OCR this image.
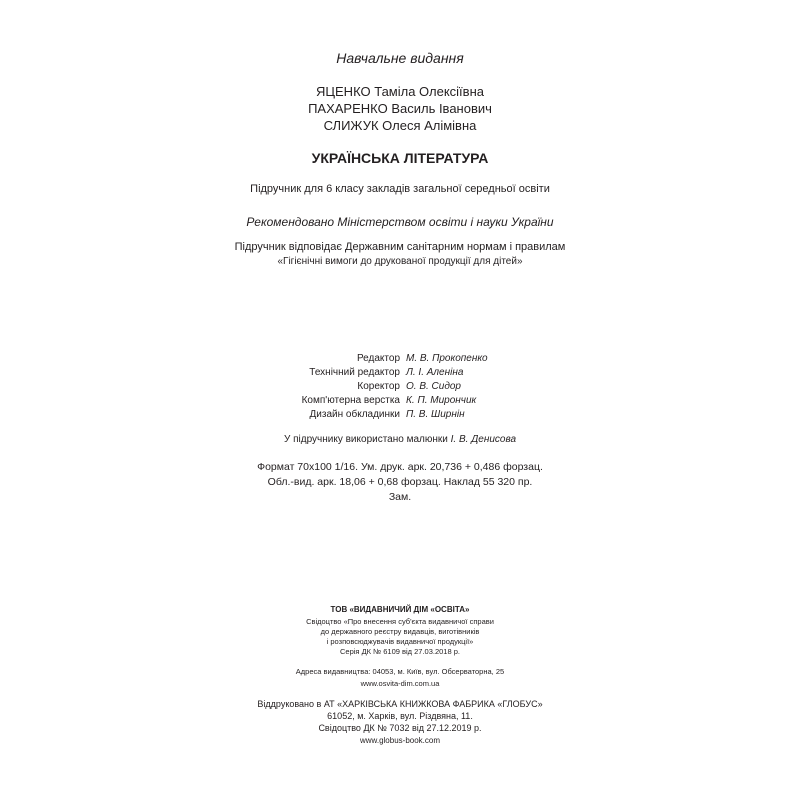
Навчальне видання
ЯЦЕНКО Таміла Олексіївна
ПАХАРЕНКО Василь Іванович
СЛИЖУК Олеся Алімівна
УКРАЇНСЬКА ЛІТЕРАТУРА
Підручник для 6 класу закладів загальної середньої освіти
Рекомендовано Міністерством освіти і науки України
Підручник відповідає Державним санітарним нормам і правилам
«Гігієнічні вимоги до друкованої продукції для дітей»
Редактор М. В. Прокопенко
Технічний редактор Л. І. Аленіна
Коректор О. В. Сидор
Комп'ютерна верстка К. П. Мирончик
Дизайн обкладинки П. В. Ширнін
У підручнику використано малюнки І. В. Денисова
Формат 70х100 1/16. Ум. друк. арк. 20,736 + 0,486 форзац.
Обл.-вид. арк. 18,06 + 0,68 форзац. Наклад 55 320 пр.
Зам.
ТОВ «ВИДАВНИЧИЙ ДІМ «ОСВІТА»
Свідоцтво «Про внесення суб'єкта видавничої справи
до державного реєстру видавців, виготівників
і розповсюджувачів видавничої продукції»
Серія ДК № 6109 від 27.03.2018 р.
Адреса видавництва: 04053, м. Київ, вул. Обсерваторна, 25
www.osvita-dim.com.ua
Віддруковано в АТ «ХАРКІВСЬКА КНИЖКОВА ФАБРИКА «ГЛОБУС»
61052, м. Харків, вул. Різдвяна, 11.
Свідоцтво ДК № 7032 від 27.12.2019 р.
www.globus-book.com
